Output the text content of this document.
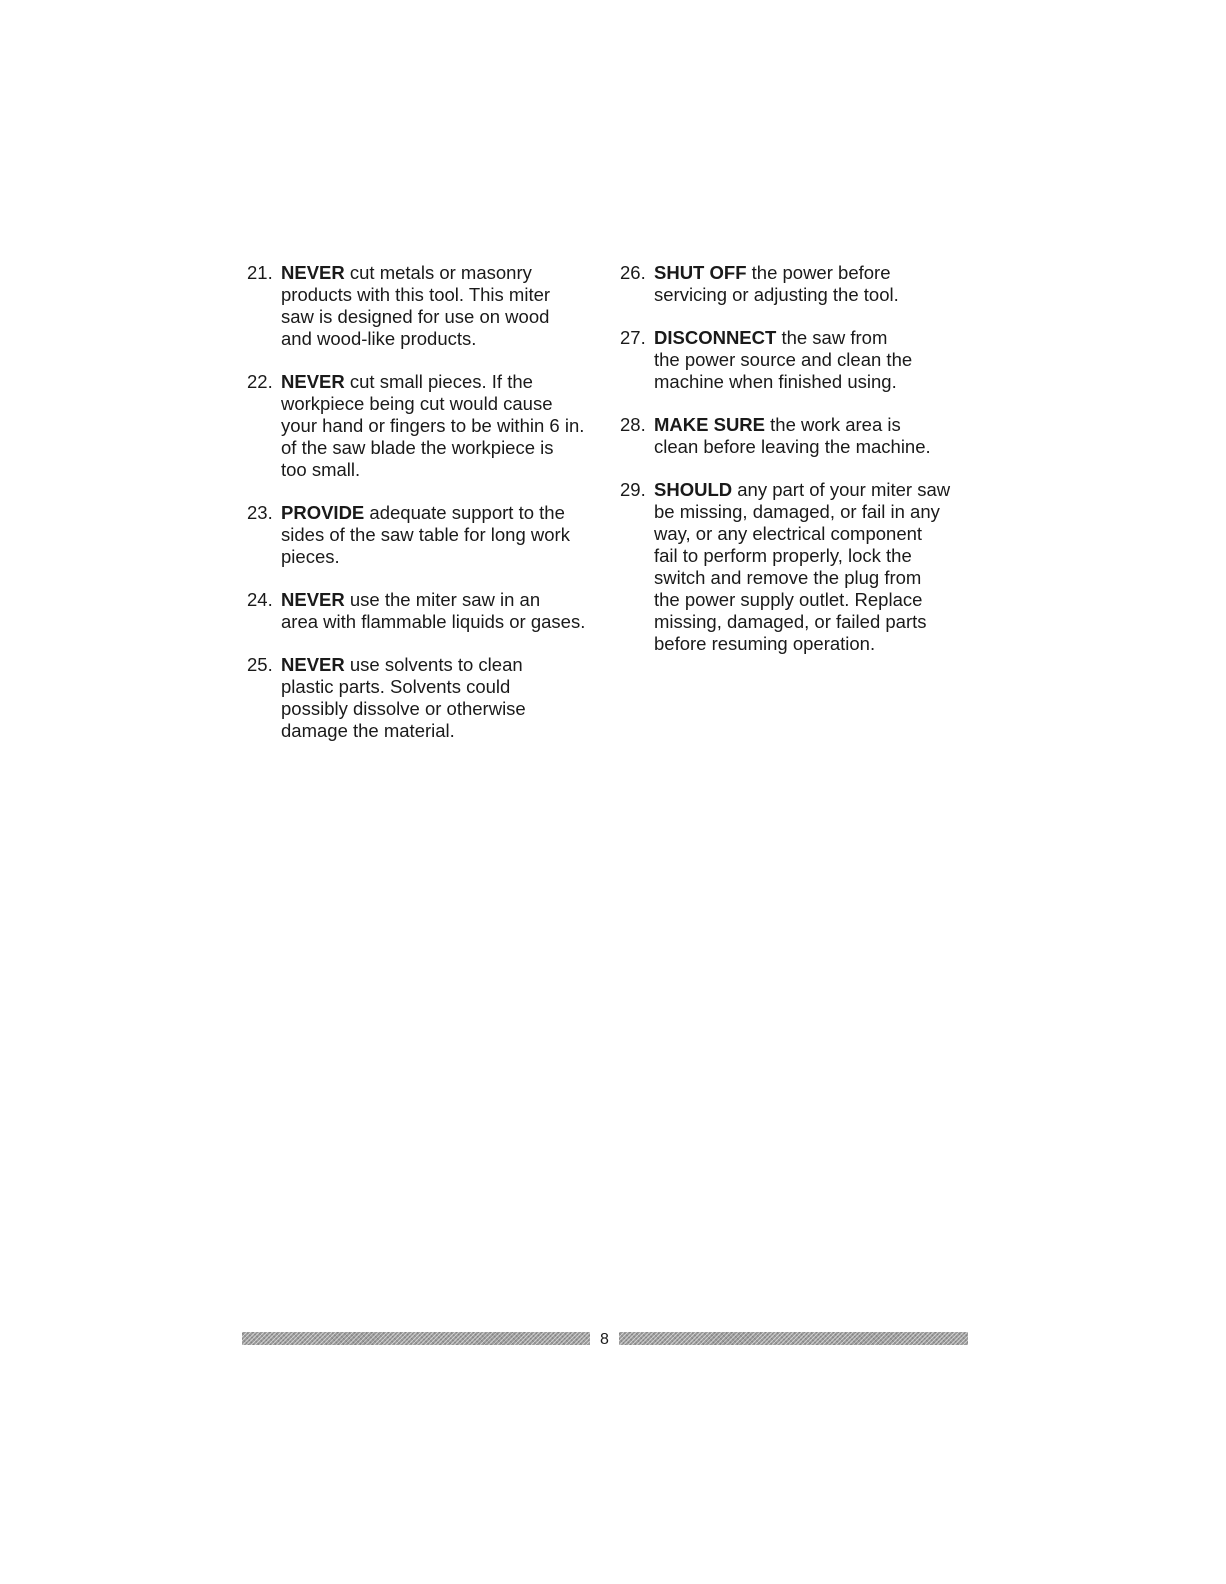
21. NEVER cut metals or masonry
products with this tool. This miter
saw is designed for use on wood
and wood-like products.
22. NEVER cut small pieces. If the
workpiece being cut would cause
your hand or fingers to be within 6 in.
of the saw blade the workpiece is
too small.
23. PROVIDE adequate support to the
sides of the saw table for long work
pieces.
24. NEVER use the miter saw in an
area with flammable liquids or gases.
25. NEVER use solvents to clean
plastic parts. Solvents could
possibly dissolve or otherwise
damage the material.
26. SHUT OFF the power before
servicing or adjusting the tool.
27. DISCONNECT the saw from
the power source and clean the
machine when finished using.
28. MAKE SURE the work area is
clean before leaving the machine.
29. SHOULD any part of your miter saw
be missing, damaged, or fail in any
way, or any electrical component
fail to perform properly, lock the
switch and remove the plug from
the power supply outlet. Replace
missing, damaged, or failed parts
before resuming operation.
8
